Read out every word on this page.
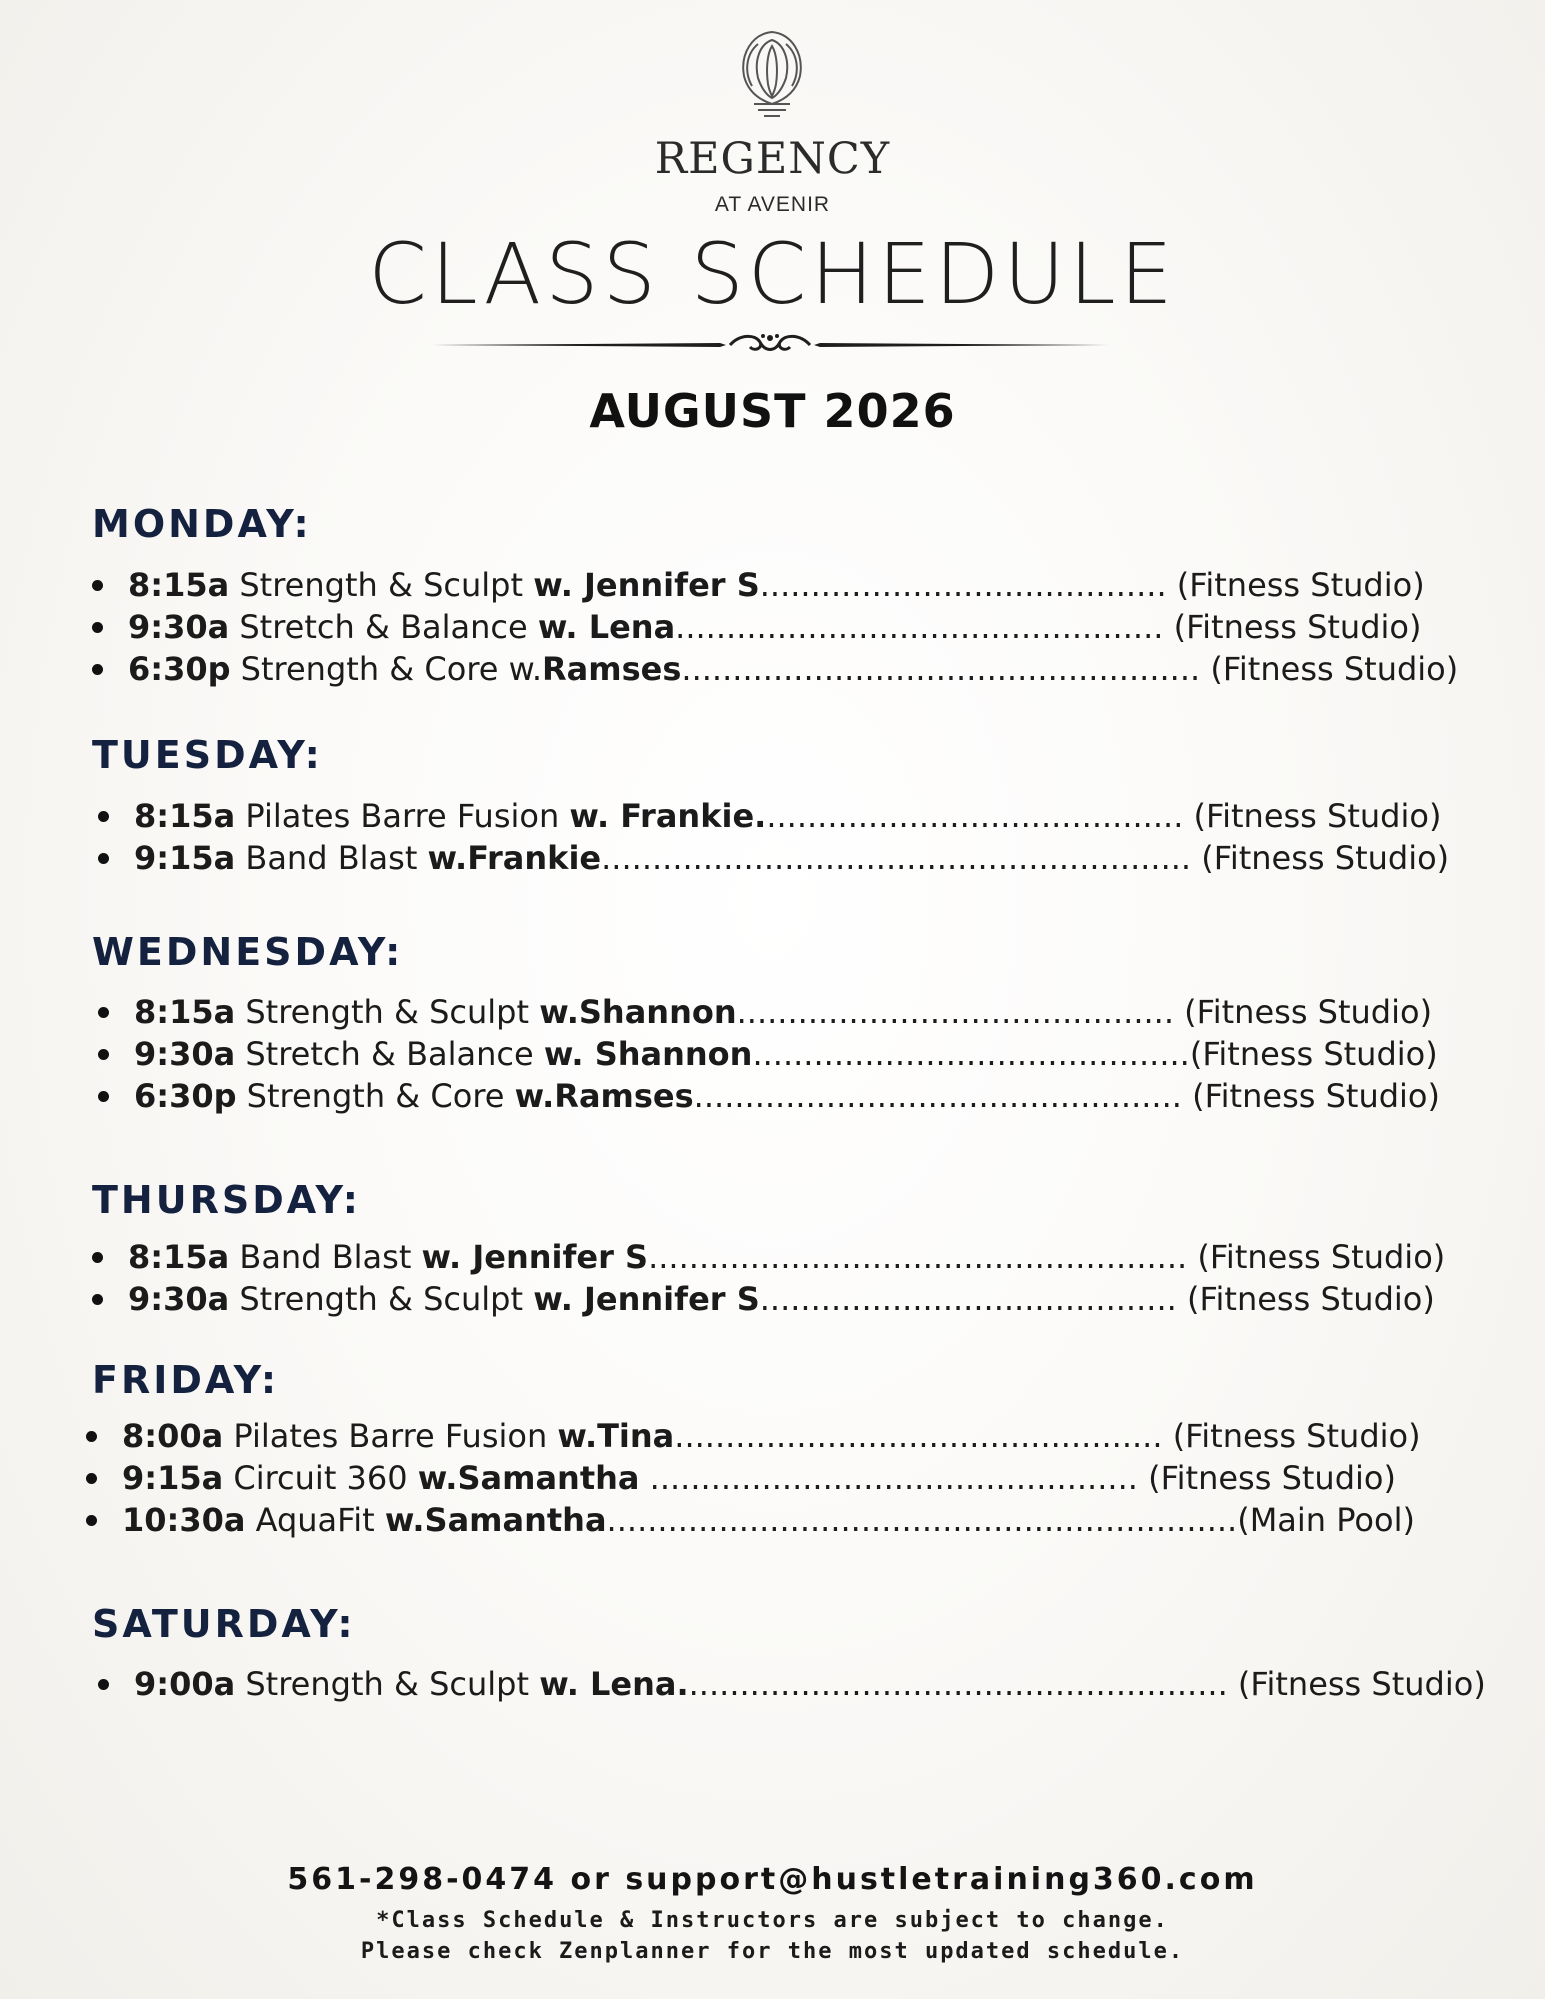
REGENCY
AT AVENIR
CLASS SCHEDULE
AUGUST 2026
MONDAY:
8:15a Strength & Sculpt w. Jennifer S........................................ (Fitness Studio)
9:30a Stretch & Balance w. Lena................................................ (Fitness Studio)
6:30p Strength & Core w.Ramses................................................... (Fitness Studio)
TUESDAY:
8:15a Pilates Barre Fusion w. Frankie.......................................... (Fitness Studio)
9:15a Band Blast w.Frankie.......................................................... (Fitness Studio)
WEDNESDAY:
8:15a Strength & Sculpt w.Shannon........................................... (Fitness Studio)
9:30a Stretch & Balance w. Shannon...........................................(Fitness Studio)
6:30p Strength & Core w.Ramses................................................ (Fitness Studio)
THURSDAY:
8:15a Band Blast w. Jennifer S..................................................... (Fitness Studio)
9:30a Strength & Sculpt w. Jennifer S......................................... (Fitness Studio)
FRIDAY:
8:00a Pilates Barre Fusion w.Tina................................................ (Fitness Studio)
9:15a Circuit 360 w.Samantha ................................................ (Fitness Studio)
10:30a AquaFit w.Samantha..............................................................(Main Pool)
SATURDAY:
9:00a Strength & Sculpt w. Lena...................................................... (Fitness Studio)
561-298-0474 or support@hustletraining360.com
*Class Schedule & Instructors are subject to change.
Please check Zenplanner for the most updated schedule.
